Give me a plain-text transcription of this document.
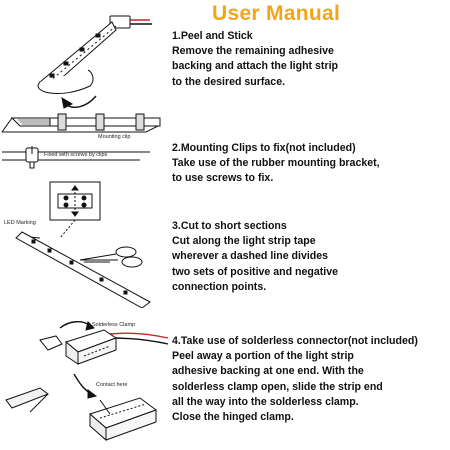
User Manual
1.Peel and Stick
Remove the remaining adhesive
backing and attach the light strip
to the desired surface.
2.Mounting Clips to fix(not included)
Take use of the rubber mounting bracket,
to use screws to fix.
3.Cut to short sections
Cut along the light strip tape
wherever a dashed line divides
two sets of positive and negative
connection points.
4.Take use of solderless connector(not included)
Peel away a portion of the light strip
adhesive backing at one end. With the
solderless clamp open, slide the strip end
all the way into the solderless clamp.
Close the hinged clamp.
Mounting clip
Fixed with screws by clips
LED Marking
Solderless Clamp
Contact here
